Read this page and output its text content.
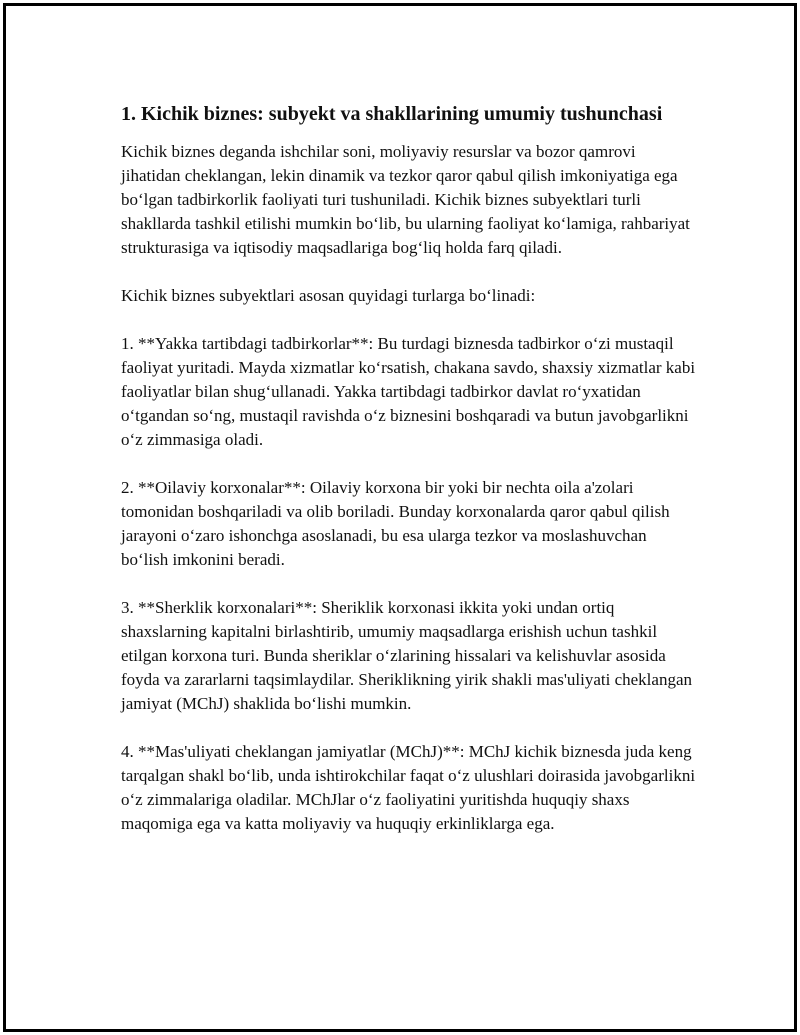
1. Kichik biznes: subyekt va shakllarining umumiy tushunchasi

Kichik biznes deganda ishchilar soni, moliyaviy resurslar va bozor qamrovi jihatidan cheklangan, lekin dinamik va tezkor qaror qabul qilish imkoniyatiga ega bo‘lgan tadbirkorlik faoliyati turi tushuniladi. Kichik biznes subyektlari turli shakllarda tashkil etilishi mumkin bo‘lib, bu ularning faoliyat ko‘lamiga, rahbariyat strukturasiga va iqtisodiy maqsadlariga bog‘liq holda farq qiladi.

Kichik biznes subyektlari asosan quyidagi turlarga bo‘linadi:

1. **Yakka tartibdagi tadbirkorlar**: Bu turdagi biznesda tadbirkor o‘zi mustaqil faoliyat yuritadi. Mayda xizmatlar ko‘rsatish, chakana savdo, shaxsiy xizmatlar kabi faoliyatlar bilan shug‘ullanadi. Yakka tartibdagi tadbirkor davlat ro‘yxatidan o‘tgandan so‘ng, mustaqil ravishda o‘z biznesini boshqaradi va butun javobgarlikni o‘z zimmasiga oladi.

2. **Oilaviy korxonalar**: Oilaviy korxona bir yoki bir nechta oila a'zolari tomonidan boshqariladi va olib boriladi. Bunday korxonalarda qaror qabul qilish jarayoni o‘zaro ishonchga asoslanadi, bu esa ularga tezkor va moslashuvchan bo‘lish imkonini beradi.

3. **Sherklik korxonalari**: Sheriklik korxonasi ikkita yoki undan ortiq shaxslarning kapitalni birlashtirib, umumiy maqsadlarga erishish uchun tashkil etilgan korxona turi. Bunda sheriklar o‘zlarining hissalari va kelishuvlar asosida foyda va zararlarni taqsimlaydilar. Sheriklikning yirik shakli mas'uliyati cheklangan jamiyat (MChJ) shaklida bo‘lishi mumkin.

4. **Mas'uliyati cheklangan jamiyatlar (MChJ)**: MChJ kichik biznesda juda keng tarqalgan shakl bo‘lib, unda ishtirokchilar faqat o‘z ulushlari doirasida javobgarlikni o‘z zimmalariga oladilar. MChJlar o‘z faoliyatini yuritishda huquqiy shaxs maqomiga ega va katta moliyaviy va huquqiy erkinliklarga ega.
